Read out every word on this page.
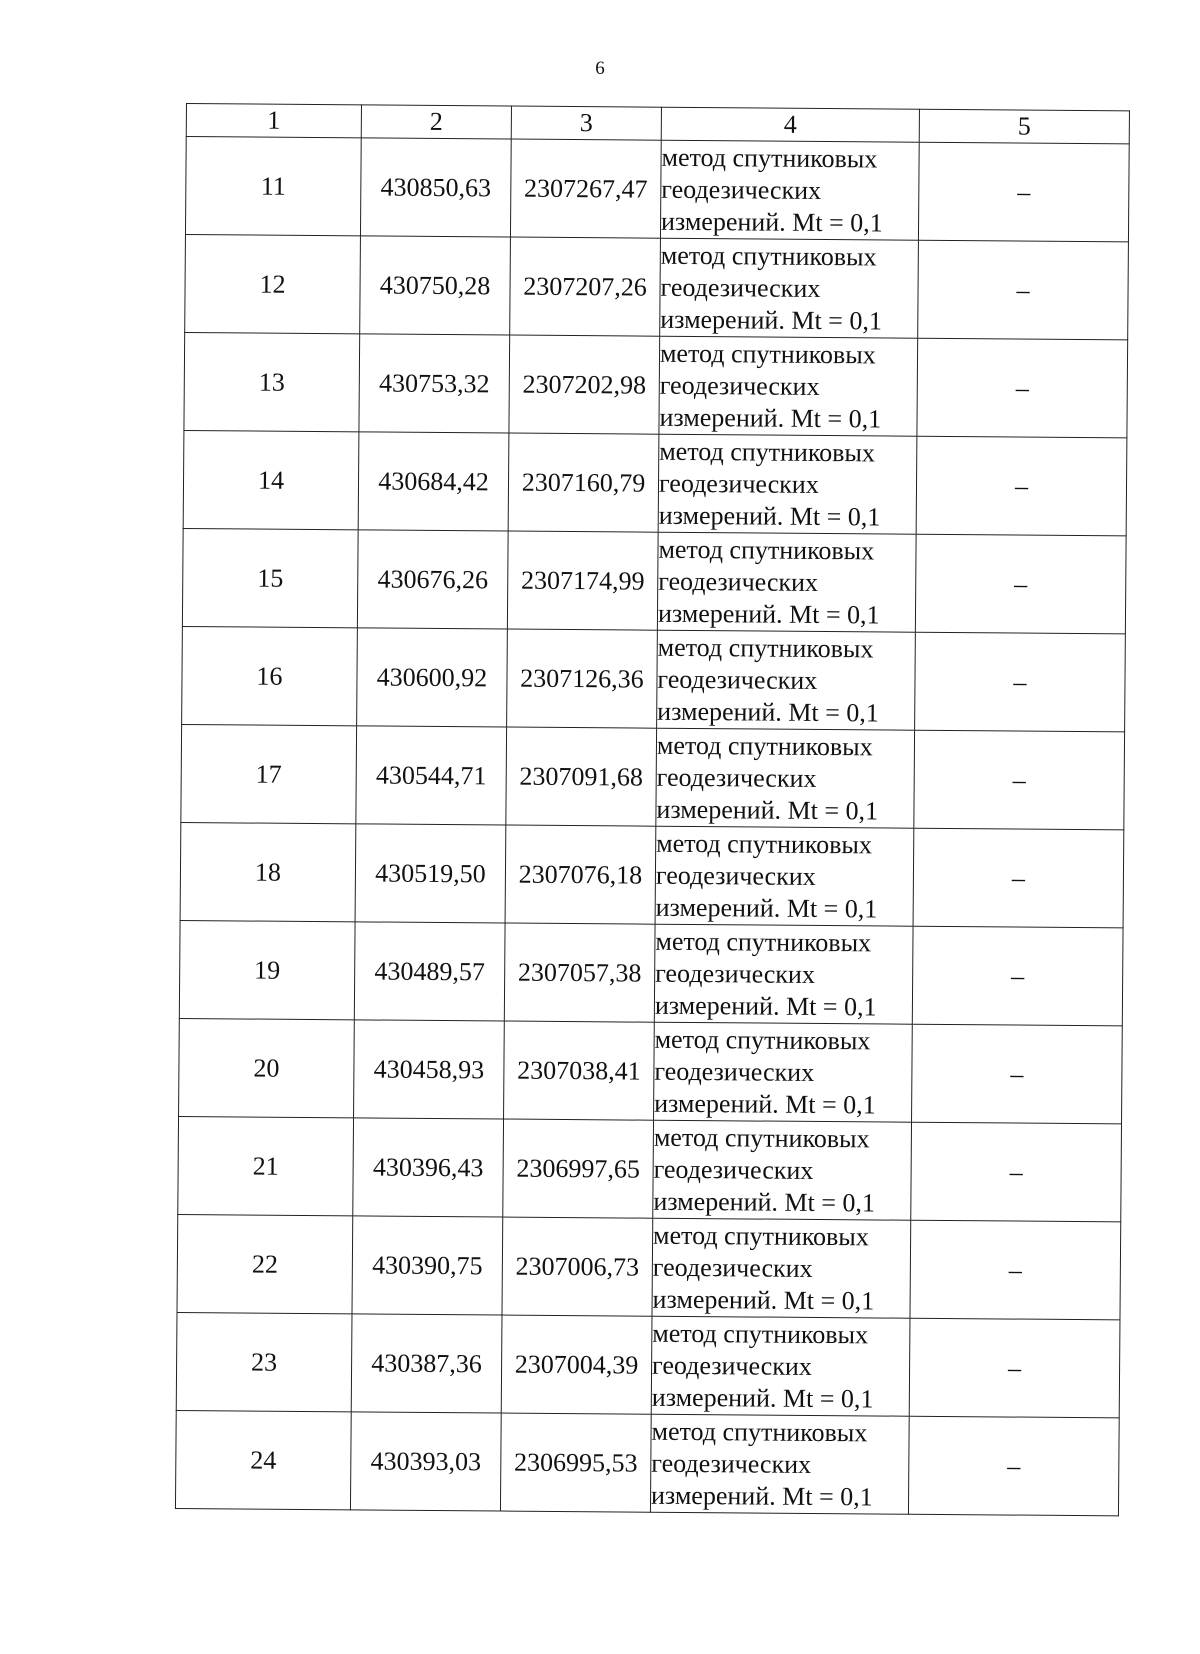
6
1	2	3	4	5
11	430850,63	2307267,47	метод спутниковых
геодезических
измерений. Mt = 0,1	–
12	430750,28	2307207,26	метод спутниковых
геодезических
измерений. Mt = 0,1	–
13	430753,32	2307202,98	метод спутниковых
геодезических
измерений. Mt = 0,1	–
14	430684,42	2307160,79	метод спутниковых
геодезических
измерений. Mt = 0,1	–
15	430676,26	2307174,99	метод спутниковых
геодезических
измерений. Mt = 0,1	–
16	430600,92	2307126,36	метод спутниковых
геодезических
измерений. Mt = 0,1	–
17	430544,71	2307091,68	метод спутниковых
геодезических
измерений. Mt = 0,1	–
18	430519,50	2307076,18	метод спутниковых
геодезических
измерений. Mt = 0,1	–
19	430489,57	2307057,38	метод спутниковых
геодезических
измерений. Mt = 0,1	–
20	430458,93	2307038,41	метод спутниковых
геодезических
измерений. Mt = 0,1	–
21	430396,43	2306997,65	метод спутниковых
геодезических
измерений. Mt = 0,1	–
22	430390,75	2307006,73	метод спутниковых
геодезических
измерений. Mt = 0,1	–
23	430387,36	2307004,39	метод спутниковых
геодезических
измерений. Mt = 0,1	–
24	430393,03	2306995,53	метод спутниковых
геодезических
измерений. Mt = 0,1	–
